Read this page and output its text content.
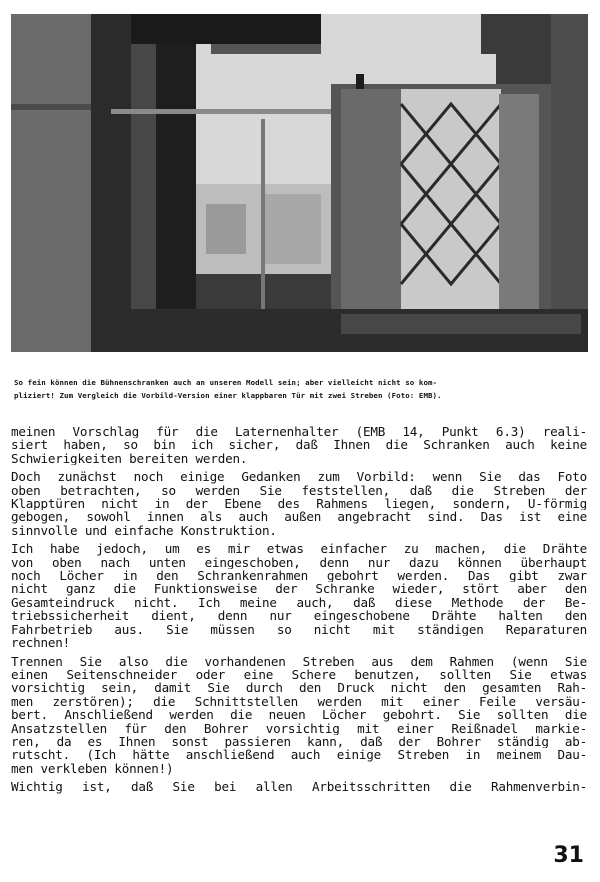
So fein können die Bühnenschranken auch an unseren Modell sein; aber vielleicht nicht so kom-
pliziert! Zum Vergleich die Vorbild-Version einer klappbaren Tür mit zwei Streben (Foto: EMB).

meinen Vorschlag für die Laternenhalter (EMB 14, Punkt 6.3) reali-
siert haben, so bin ich sicher, daß Ihnen die Schranken auch keine
Schwierigkeiten bereiten werden.

Doch zunächst noch einige Gedanken zum Vorbild: wenn Sie das Foto
oben betrachten, so werden Sie feststellen, daß die Streben der
Klapptüren nicht in der Ebene des Rahmens liegen, sondern, U-förmig
gebogen, sowohl innen als auch außen angebracht sind. Das ist eine
sinnvolle und einfache Konstruktion.

Ich habe jedoch, um es mir etwas einfacher zu machen, die Drähte
von oben nach unten eingeschoben, denn nur dazu können überhaupt
noch Löcher in den Schrankenrahmen gebohrt werden. Das gibt zwar
nicht ganz die Funktionsweise der Schranke wieder, stört aber den
Gesamteindruck nicht. Ich meine auch, daß diese Methode der Be-
triebssicherheit dient, denn nur eingeschobene Drähte halten den
Fahrbetrieb aus. Sie müssen so nicht mit ständigen Reparaturen
rechnen!

Trennen Sie also die vorhandenen Streben aus dem Rahmen (wenn Sie
einen Seitenschneider oder eine Schere benutzen, sollten Sie etwas
vorsichtig sein, damit Sie durch den Druck nicht den gesamten Rah-
men zerstören); die Schnittstellen werden mit einer Feile versäu-
bert. Anschließend werden die neuen Löcher gebohrt. Sie sollten die
Ansatzstellen für den Bohrer vorsichtig mit einer Reißnadel markie-
ren, da es Ihnen sonst passieren kann, daß der Bohrer ständig ab-
rutscht. (Ich hätte anschließend auch einige Streben in meinem Dau-
men verkleben können!)

Wichtig ist, daß Sie bei allen Arbeitsschritten die Rahmenverbin-

31
